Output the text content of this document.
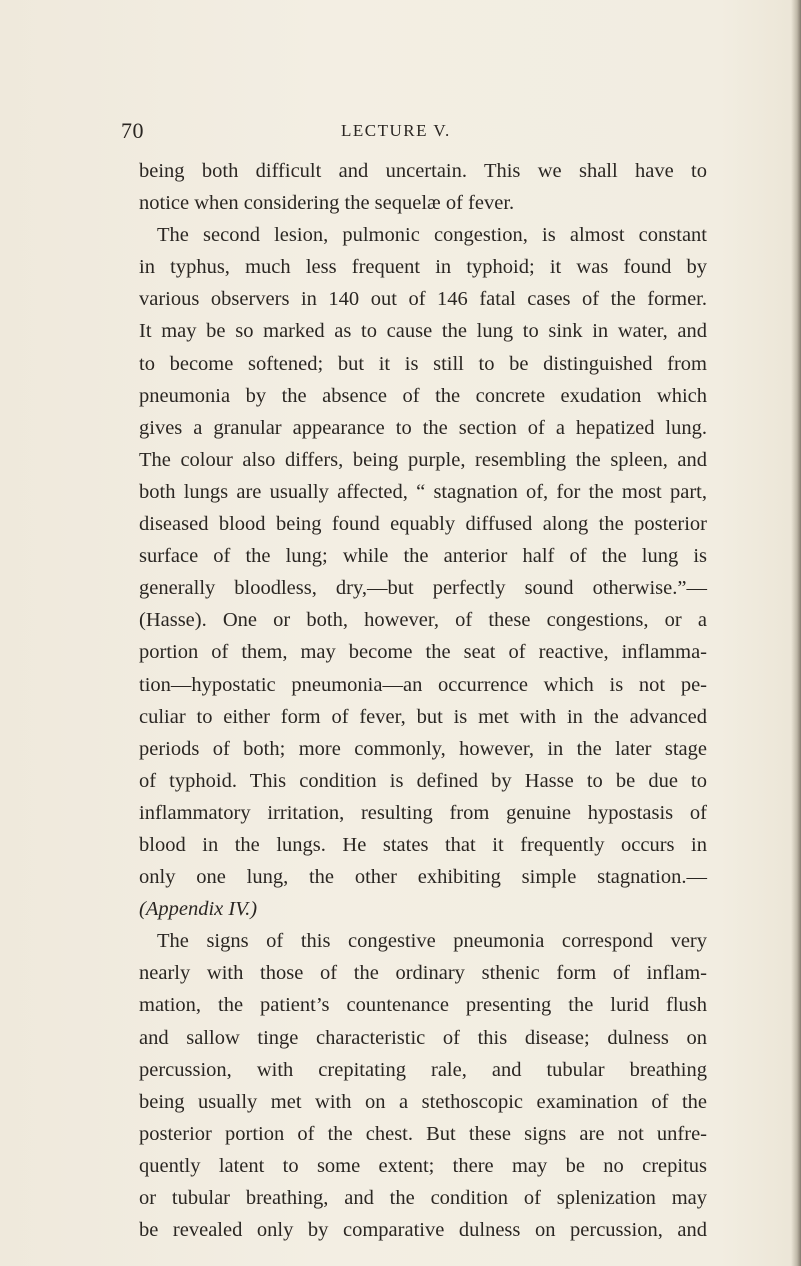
70	LECTURE V.

being both difficult and uncertain. This we shall have to
notice when considering the sequelæ of fever.

The second lesion, pulmonic congestion, is almost constant
in typhus, much less frequent in typhoid; it was found by
various observers in 140 out of 146 fatal cases of the former.
It may be so marked as to cause the lung to sink in water, and
to become softened; but it is still to be distinguished from
pneumonia by the absence of the concrete exudation which
gives a granular appearance to the section of a hepatized lung.
The colour also differs, being purple, resembling the spleen, and
both lungs are usually affected, “ stagnation of, for the most part,
diseased blood being found equably diffused along the posterior
surface of the lung; while the anterior half of the lung is
generally bloodless, dry,—but perfectly sound otherwise.”—
(Hasse). One or both, however, of these congestions, or a
portion of them, may become the seat of reactive, inflamma-
tion—hypostatic pneumonia—an occurrence which is not pe-
culiar to either form of fever, but is met with in the advanced
periods of both; more commonly, however, in the later stage
of typhoid. This condition is defined by Hasse to be due to
inflammatory irritation, resulting from genuine hypostasis of
blood in the lungs. He states that it frequently occurs in
only one lung, the other exhibiting simple stagnation.—
(Appendix IV.)

The signs of this congestive pneumonia correspond very
nearly with those of the ordinary sthenic form of inflam-
mation, the patient’s countenance presenting the lurid flush
and sallow tinge characteristic of this disease; dulness on
percussion, with crepitating rale, and tubular breathing
being usually met with on a stethoscopic examination of the
posterior portion of the chest. But these signs are not unfre-
quently latent to some extent; there may be no crepitus
or tubular breathing, and the condition of splenization may
be revealed only by comparative dulness on percussion, and
